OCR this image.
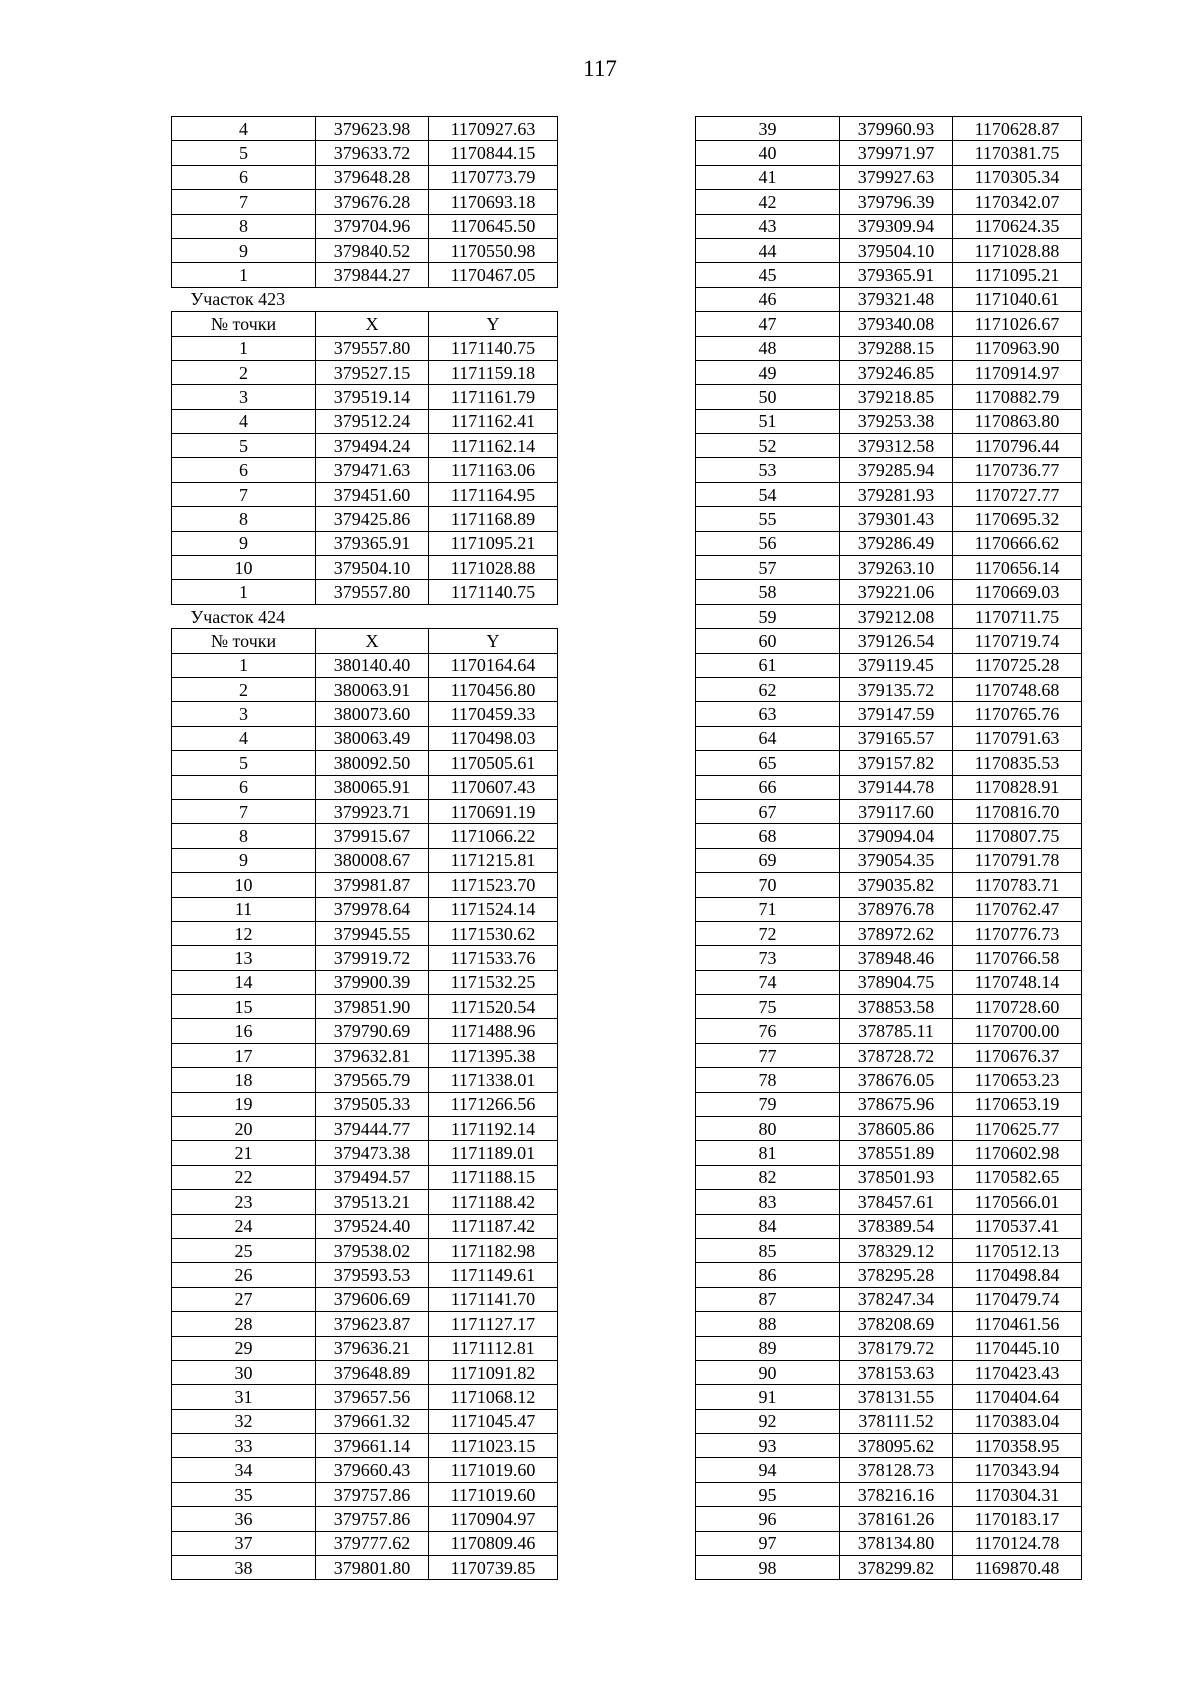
117
4	379623.98	1170927.63
5	379633.72	1170844.15
6	379648.28	1170773.79
7	379676.28	1170693.18
8	379704.96	1170645.50
9	379840.52	1170550.98
1	379844.27	1170467.05
Участок 423		
№ точки	X	Y
1	379557.80	1171140.75
2	379527.15	1171159.18
3	379519.14	1171161.79
4	379512.24	1171162.41
5	379494.24	1171162.14
6	379471.63	1171163.06
7	379451.60	1171164.95
8	379425.86	1171168.89
9	379365.91	1171095.21
10	379504.10	1171028.88
1	379557.80	1171140.75
Участок 424		
№ точки	X	Y
1	380140.40	1170164.64
2	380063.91	1170456.80
3	380073.60	1170459.33
4	380063.49	1170498.03
5	380092.50	1170505.61
6	380065.91	1170607.43
7	379923.71	1170691.19
8	379915.67	1171066.22
9	380008.67	1171215.81
10	379981.87	1171523.70
11	379978.64	1171524.14
12	379945.55	1171530.62
13	379919.72	1171533.76
14	379900.39	1171532.25
15	379851.90	1171520.54
16	379790.69	1171488.96
17	379632.81	1171395.38
18	379565.79	1171338.01
19	379505.33	1171266.56
20	379444.77	1171192.14
21	379473.38	1171189.01
22	379494.57	1171188.15
23	379513.21	1171188.42
24	379524.40	1171187.42
25	379538.02	1171182.98
26	379593.53	1171149.61
27	379606.69	1171141.70
28	379623.87	1171127.17
29	379636.21	1171112.81
30	379648.89	1171091.82
31	379657.56	1171068.12
32	379661.32	1171045.47
33	379661.14	1171023.15
34	379660.43	1171019.60
35	379757.86	1171019.60
36	379757.86	1170904.97
37	379777.62	1170809.46
38	379801.80	1170739.85
39	379960.93	1170628.87
40	379971.97	1170381.75
41	379927.63	1170305.34
42	379796.39	1170342.07
43	379309.94	1170624.35
44	379504.10	1171028.88
45	379365.91	1171095.21
46	379321.48	1171040.61
47	379340.08	1171026.67
48	379288.15	1170963.90
49	379246.85	1170914.97
50	379218.85	1170882.79
51	379253.38	1170863.80
52	379312.58	1170796.44
53	379285.94	1170736.77
54	379281.93	1170727.77
55	379301.43	1170695.32
56	379286.49	1170666.62
57	379263.10	1170656.14
58	379221.06	1170669.03
59	379212.08	1170711.75
60	379126.54	1170719.74
61	379119.45	1170725.28
62	379135.72	1170748.68
63	379147.59	1170765.76
64	379165.57	1170791.63
65	379157.82	1170835.53
66	379144.78	1170828.91
67	379117.60	1170816.70
68	379094.04	1170807.75
69	379054.35	1170791.78
70	379035.82	1170783.71
71	378976.78	1170762.47
72	378972.62	1170776.73
73	378948.46	1170766.58
74	378904.75	1170748.14
75	378853.58	1170728.60
76	378785.11	1170700.00
77	378728.72	1170676.37
78	378676.05	1170653.23
79	378675.96	1170653.19
80	378605.86	1170625.77
81	378551.89	1170602.98
82	378501.93	1170582.65
83	378457.61	1170566.01
84	378389.54	1170537.41
85	378329.12	1170512.13
86	378295.28	1170498.84
87	378247.34	1170479.74
88	378208.69	1170461.56
89	378179.72	1170445.10
90	378153.63	1170423.43
91	378131.55	1170404.64
92	378111.52	1170383.04
93	378095.62	1170358.95
94	378128.73	1170343.94
95	378216.16	1170304.31
96	378161.26	1170183.17
97	378134.80	1170124.78
98	378299.82	1169870.48
